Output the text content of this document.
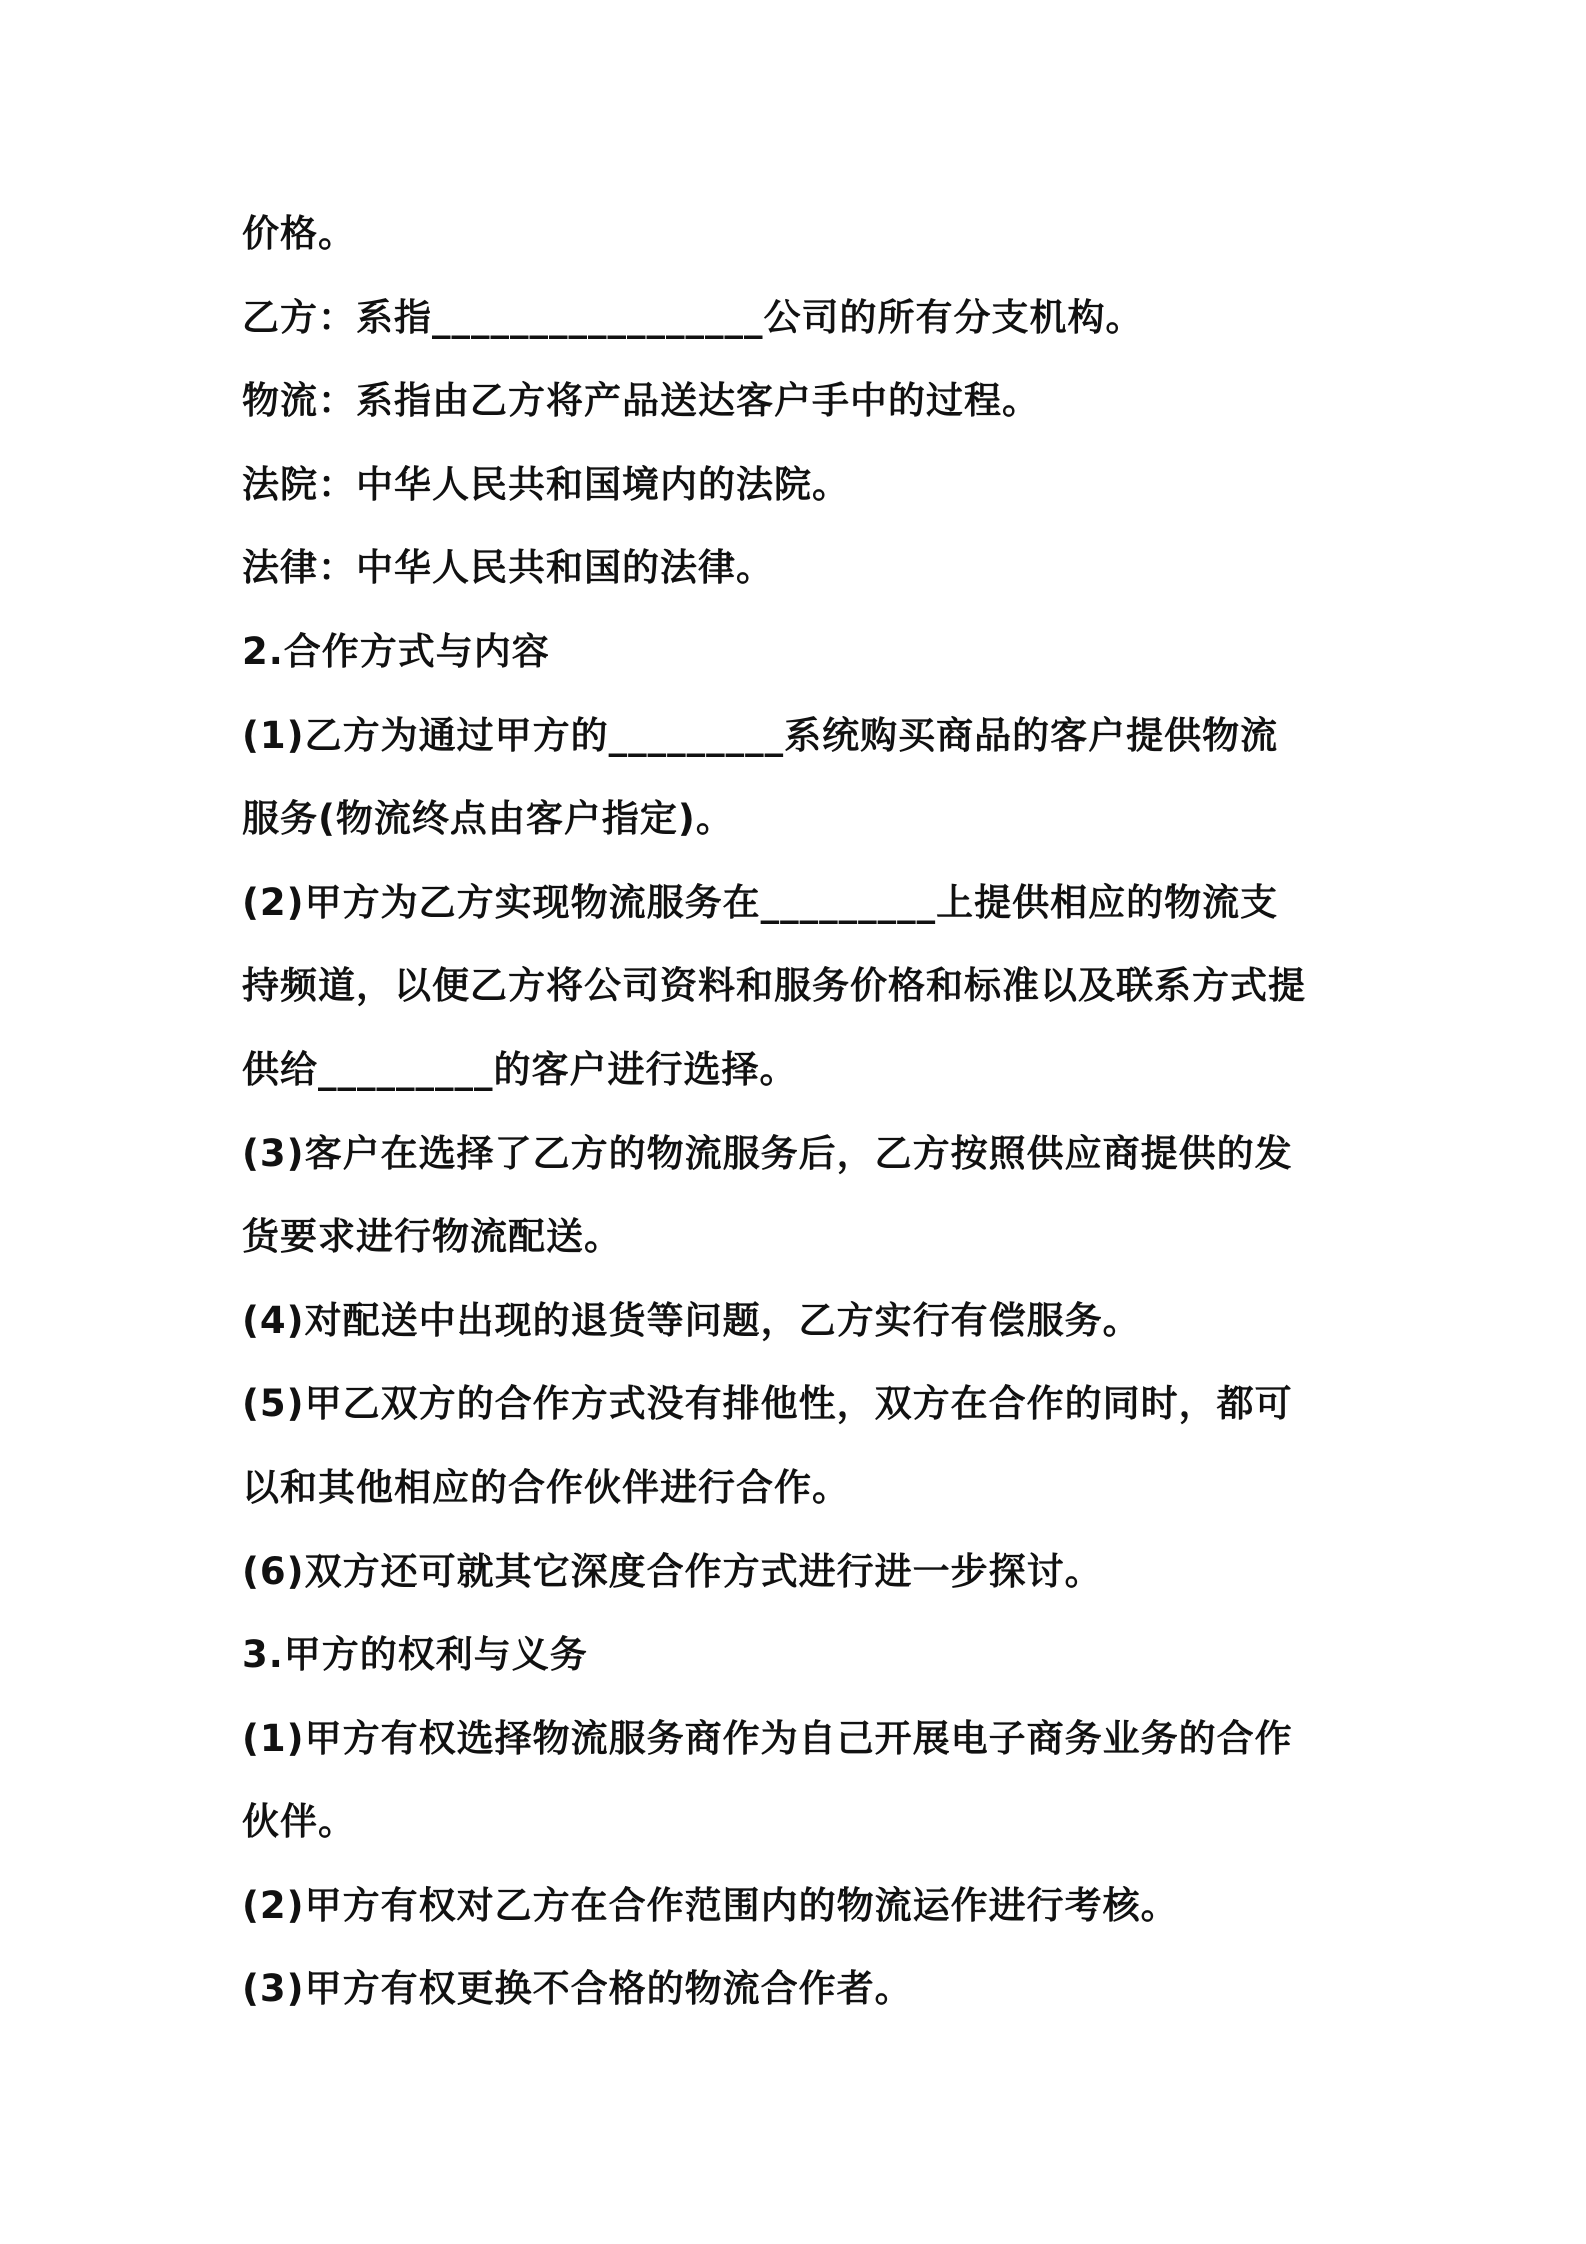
价格。
乙方：系指_________________公司的所有分支机构。
物流：系指由乙方将产品送达客户手中的过程。
法院：中华人民共和国境内的法院。
法律：中华人民共和国的法律。
2.合作方式与内容
(1)乙方为通过甲方的_________系统购买商品的客户提供物流
服务(物流终点由客户指定)。
(2)甲方为乙方实现物流服务在_________上提供相应的物流支
持频道，以便乙方将公司资料和服务价格和标准以及联系方式提
供给_________的客户进行选择。
(3)客户在选择了乙方的物流服务后，乙方按照供应商提供的发
货要求进行物流配送。
(4)对配送中出现的退货等问题，乙方实行有偿服务。
(5)甲乙双方的合作方式没有排他性，双方在合作的同时，都可
以和其他相应的合作伙伴进行合作。
(6)双方还可就其它深度合作方式进行进一步探讨。
3.甲方的权利与义务
(1)甲方有权选择物流服务商作为自己开展电子商务业务的合作
伙伴。
(2)甲方有权对乙方在合作范围内的物流运作进行考核。
(3)甲方有权更换不合格的物流合作者。
